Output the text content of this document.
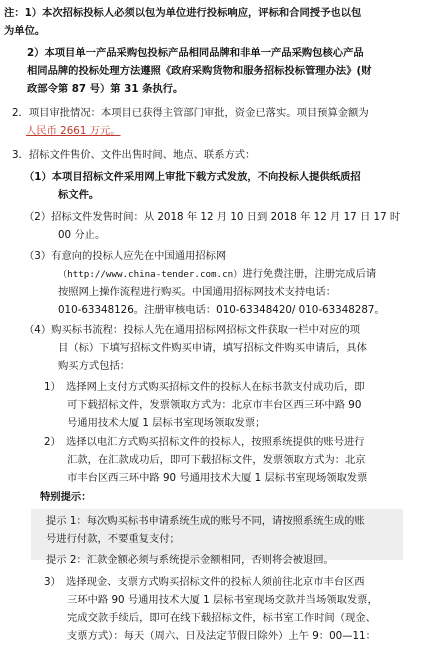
注：1）本次招标投标人必须以包为单位进行投标响应，评标和合同授予也以包
为单位。
2）本项目单一产品采购包投标产品相同品牌和非单一产品采购包核心产品
相同品牌的投标处理方法遵照《政府采购货物和服务招标投标管理办法》(财
政部令第 87 号）第 31 条执行。
2．项目审批情况：本项目已获得主管部门审批，资金已落实。项目预算金额为
人民币 2661 万元。
3．招标文件售价、文件出售时间、地点、联系方式：
（1）本项目招标文件采用网上审批下载方式发放，不向投标人提供纸质招
标文件。
（2）招标文件发售时间：从 2018 年 12 月 10 日到 2018 年 12 月 17 日 17 时
00 分止。
（3）有意向的投标人应先在中国通用招标网
（http://www.china-tender.com.cn）进行免费注册，注册完成后请
按照网上操作流程进行购买。中国通用招标网技术支持电话：
010-63348126。注册审核电话：010-63348420/ 010-63348287。
（4）购买标书流程：投标人先在通用招标网招标文件获取一栏中对应的项
目（标）下填写招标文件购买申请，填写招标文件购买申请后，具体
购买方式包括：
1）　选择网上支付方式购买招标文件的投标人在标书款支付成功后，即
可下载招标文件，发票领取方式为：北京市丰台区西三环中路 90
号通用技术大厦 1 层标书室现场领取发票；
2）　选择以电汇方式购买招标文件的投标人，按照系统提供的账号进行
汇款，在汇款成功后，即可下载招标文件，发票领取方式为：北京
市丰台区西三环中路 90 号通用技术大厦 1 层标书室现场领取发票
特别提示：
提示 1：每次购买标书申请系统生成的账号不同，请按照系统生成的账
号进行付款，不要重复支付；
提示 2：汇款金额必须与系统提示金额相同，否则将会被退回。
3）　选择现金、支票方式购买招标文件的投标人须前往北京市丰台区西
三环中路 90 号通用技术大厦 1 层标书室现场交款并当场领取发票，
完成交款手续后，即可在线下载招标文件，标书室工作时间（现金、
支票方式）：每天（周六、日及法定节假日除外）上午 9：00—11：
